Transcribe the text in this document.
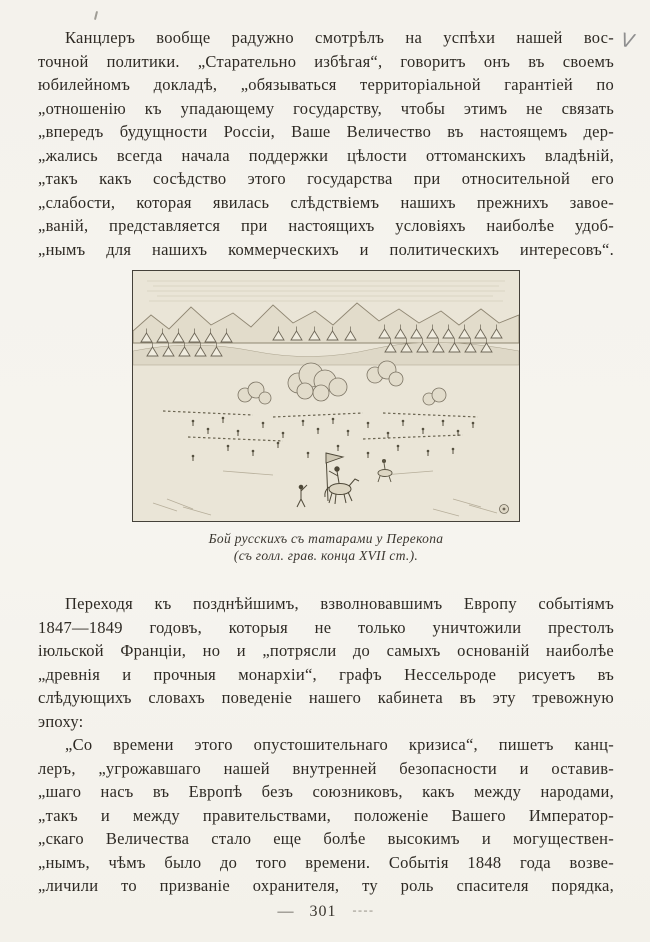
V
Канцлеръ вообще радужно смотрѣлъ на успѣхи нашей вос-
точной политики. „Старательно избѣгая“, говоритъ онъ въ своемъ
юбилейномъ докладѣ, „обязываться территоріальной гарантіей по
„отношенію къ упадающему государству, чтобы этимъ не связать
„впередъ будущности Россіи, Ваше Величество въ настоящемъ дер-
„жались всегда начала поддержки цѣлости оттоманскихъ владѣній,
„такъ какъ сосѣдство этого государства при относительной его
„слабости, которая явилась слѣдствіемъ нашихъ прежнихъ завое-
„ваній, представляется при настоящихъ условіяхъ наиболѣе удоб-
„нымъ для нашихъ коммерческихъ и политическихъ интересовъ“.
Бой русскихъ съ татарами у Перекопа
(съ голл. грав. конца XVII ст.).
Переходя къ позднѣйшимъ, взволновавшимъ Европу событіямъ
1847—1849 годовъ, которыя не только уничтожили престолъ
іюльской Франціи, но и „потрясли до самыхъ основаній наиболѣе
„древнія и прочныя монархіи“, графъ Нессельроде рисуетъ въ
слѣдующихъ словахъ поведеніе нашего кабинета въ эту тревожную
эпоху:
„Со времени этого опустошительнаго кризиса“, пишетъ канц-
леръ, „угрожавшаго нашей внутренней безопасности и оставив-
„шаго насъ въ Европѣ безъ союзниковъ, какъ между народами,
„такъ и между правительствами, положеніе Вашего Император-
„скаго Величества стало еще болѣе высокимъ и могуществен-
„нымъ, чѣмъ было до того времени. Событія 1848 года возве-
„личили то призваніе охранителя, ту роль спасителя порядка,
— 301 ----
